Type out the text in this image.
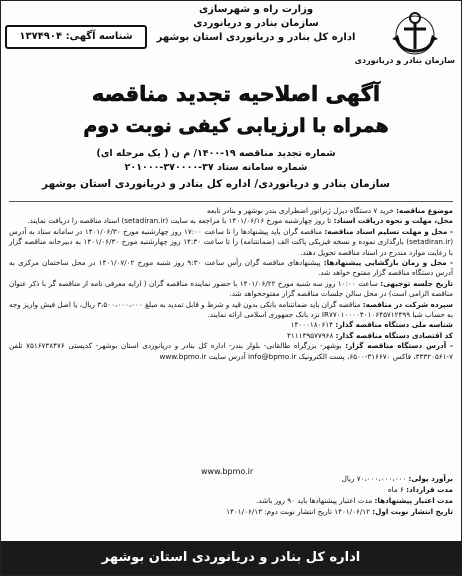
سازمان بنادر و دریانوردی
وزارت راه و شهرسازی
سازمان بنادر و دریانوردی
اداره کل بنادر و دریانوردی استان بوشهر
شناسه آگهی: ۱۳۷۴۹۰۴
آگهی اصلاحیه تجدید مناقصه
همراه با ارزیابی کیفی نوبت دوم
شماره تجدید مناقصه ۱۹-۱۴۰۰/ م ن ( یک مرحله ای)
شماره سامانه ستاد ۳۷-۳۷۰۰۰۰-۲۰۱۰۰۰
سازمان بنادر و دریانوردی/ اداره کل بنادر و دریانوردی استان بوشهر

موضوع مناقصه: خرید ۷ دستگاه دیزل ژنراتور اضطراری بندر بوشهر و بنادر تابعه

محل، مهلت و نحوه دریافت اسناد: تا روز چهارشنبه مورخ ۱۴۰۱/۰۶/۱۶ با مراجعه به سایت (setadiran.ir) اسناد مناقصه را دریافت نمایند.

- محل و مهلت تسلیم اسناد مناقصه: مناقصه گران باید پیشنهادها را تا ساعت ۱۷:۰۰ روز چهارشنبه مورخ ۱۴۰۱/۰۶/۳۰ در سامانه ستاد به آدرس (setadiran.ir) بارگذاری نموده و نسخه فیزیکی پاکت الف (ضمانتنامه) را تا ساعت ۱۴:۳۰ روز چهارشنبه مورخ ۱۴۰۱/۰۶/۳۰ به دبیرخانه مناقصه گزار با رعایت موارد مندرج در اسناد مناقصه تحویل دهند.

- محل و زمان بازگشایی پیشنهادها: پیشنهادهای مناقصه گران رأس ساعت ۹:۳۰ روز شنبه مورخ ۱۴۰۱/۰۷/۰۲ در محل ساختمان مرکزی به آدرس دستگاه مناقصه گزار مفتوح خواهد شد.

تاریخ جلسه توجیهی: ساعت ۱۰:۰۰ روز سه شنبه مورخ ۱۴۰۱/۰۶/۲۲ با حضور نماینده مناقصه گران ( ارایه معرفی نامه از مناقصه گر با ذکر عنوان مناقصه الزامی است) در محل سالن جلسات مناقصه گزار مفتوحخواهد شد.

سپرده شرکت در مناقصه: مناقصه گران باید ضمانتنامه بانکی بدون قید و شرط و قابل تمدید به مبلغ ۳،۵۰۰،۰۰۰،۰۰۰ ریال، یا اصل فیش واریز وجه به حساب شبا IR۷۷۰۱۰۰۰۰۴۰۱۰۶۴۵۷۱۲۴۹۹ نزد بانک جمهوری اسلامی ارائه نمایند.

شناسه ملی دستگاه مناقصه گذار: ۱۴۰۰۰۱۸۰۶۱۴

کد اقتصادی دستگاه مناقصه گذار: ۴۱۱۱۳۹۵۷۷۹۶۸

- آدرس دستگاه مناقصه گزار: بوشهر- بزرگراه طالقانی- بلوار بندر- اداره کل بنادر و دریانوردی استان بوشهر- کدپستی ۷۵۱۶۷۳۸۴۷۶ تلفن ۷-۳۳۳۲۰۵۶۱، فاکس ۳۱۶۶۷۰-۶۵۰۰، پست الکترونیک info@bpmo.ir آدرس سایت www.bpmo.ir

www.bpmo.ir

برآورد پولی: ۷۰،۰۰۰،۰۰۰،۰۰۰ ریال

مدت قرارداد: ۶ ماه

مدت اعتبار پیشنهادها: مدت اعتبار پیشنهادها باید ۹۰ روز باشد.

تاریخ انتشار نوبت اول: ۱۴۰۱/۰۶/۱۲ تاریخ انتشار نوبت دوم: ۱۴۰۱/۰۶/۱۳

اداره کل بنادر و دریانوردی استان بوشهر
